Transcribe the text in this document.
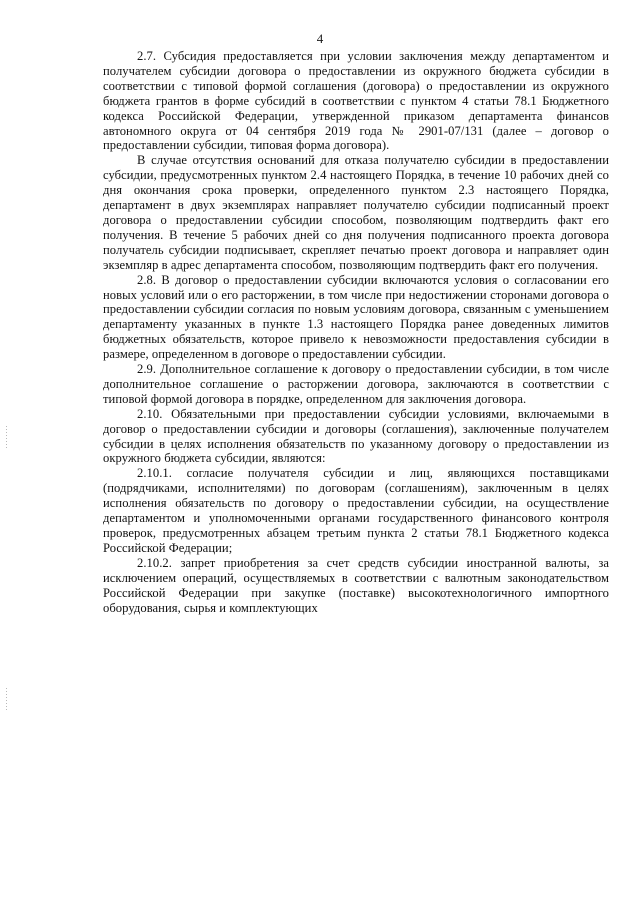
4

2.7. Субсидия предоставляется при условии заключения между департаментом и получателем субсидии договора о предоставлении из окружного бюджета субсидии в соответствии с типовой формой соглашения (договора) о предоставлении из окружного бюджета грантов в форме субсидий в соответствии с пунктом 4 статьи 78.1 Бюджетного кодекса Российской Федерации, утвержденной приказом департамента финансов автономного округа от 04 сентября 2019 года № 2901-07/131 (далее – договор о предоставлении субсидии, типовая форма договора).

В случае отсутствия оснований для отказа получателю субсидии в предоставлении субсидии, предусмотренных пунктом 2.4 настоящего Порядка, в течение 10 рабочих дней со дня окончания срока проверки, определенного пунктом 2.3 настоящего Порядка, департамент в двух экземплярах направляет получателю субсидии подписанный проект договора о предоставлении субсидии способом, позволяющим подтвердить факт его получения. В течение 5 рабочих дней со дня получения подписанного проекта договора получатель субсидии подписывает, скрепляет печатью проект договора и направляет один экземпляр в адрес департамента способом, позволяющим подтвердить факт его получения.

2.8. В договор о предоставлении субсидии включаются условия о согласовании его новых условий или о его расторжении, в том числе при недостижении сторонами договора о предоставлении субсидии согласия по новым условиям договора, связанным с уменьшением департаменту указанных в пункте 1.3 настоящего Порядка ранее доведенных лимитов бюджетных обязательств, которое привело к невозможности предоставления субсидии в размере, определенном в договоре о предоставлении субсидии.

2.9. Дополнительное соглашение к договору о предоставлении субсидии, в том числе дополнительное соглашение о расторжении договора, заключаются в соответствии с типовой формой договора в порядке, определенном для заключения договора.

2.10. Обязательными при предоставлении субсидии условиями, включаемыми в договор о предоставлении субсидии и договоры (соглашения), заключенные получателем субсидии в целях исполнения обязательств по указанному договору о предоставлении из окружного бюджета субсидии, являются:

2.10.1. согласие получателя субсидии и лиц, являющихся поставщиками (подрядчиками, исполнителями) по договорам (соглашениям), заключенным в целях исполнения обязательств по договору о предоставлении субсидии, на осуществление департаментом и уполномоченными органами государственного финансового контроля проверок, предусмотренных абзацем третьим пункта 2 статьи 78.1 Бюджетного кодекса Российской Федерации;

2.10.2. запрет приобретения за счет средств субсидии иностранной валюты, за исключением операций, осуществляемых в соответствии с валютным законодательством Российской Федерации при закупке (поставке) высокотехнологичного импортного оборудования, сырья и комплектующих
